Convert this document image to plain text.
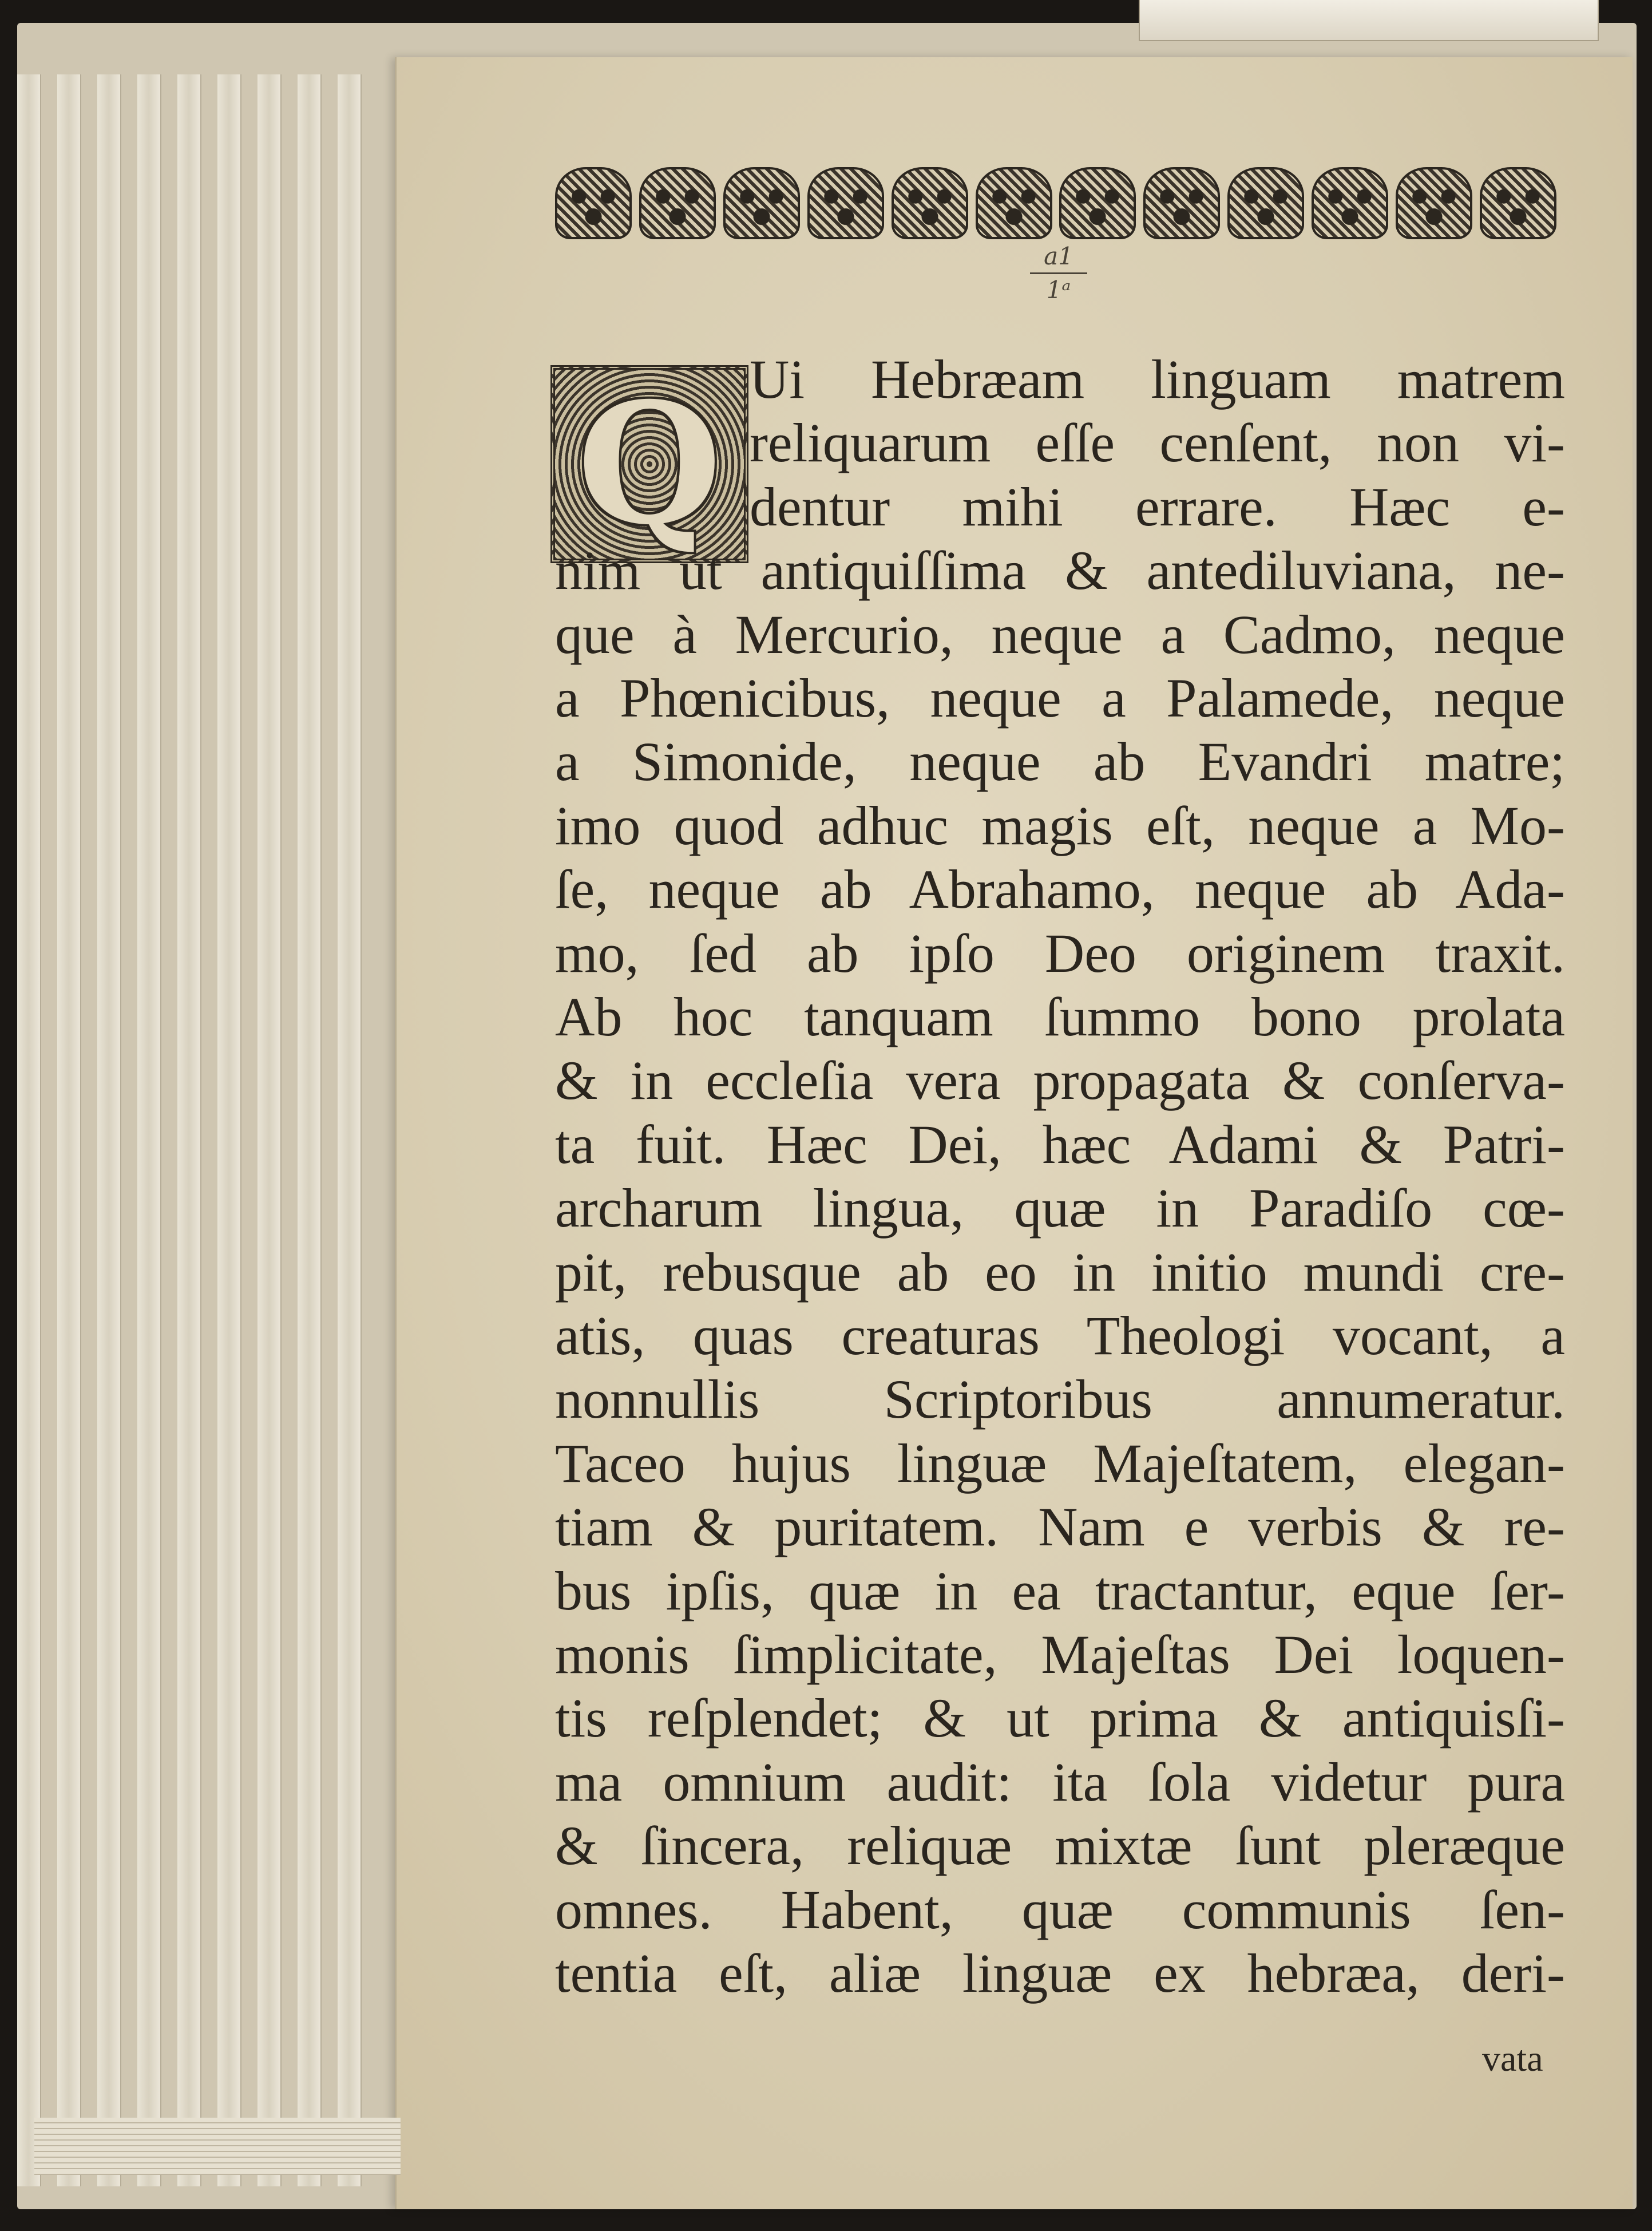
a1
1ᵃ
Q Ui Hebræam linguam matrem
reliquarum eſſe cenſent, non vi-
dentur mihi errare. Hæc e-
nim ut antiquiſſima & antediluviana, ne-
que à Mercurio, neque a Cadmo, neque
a Phœnicibus, neque a Palamede, neque
a Simonide, neque ab Evandri matre;
imo quod adhuc magis eſt, neque a Mo-
ſe, neque ab Abrahamo, neque ab Ada-
mo, ſed ab ipſo Deo originem traxit.
Ab hoc tanquam ſummo bono prolata
& in eccleſia vera propagata & conſerva-
ta fuit. Hæc Dei, hæc Adami & Patri-
archarum lingua, quæ in Paradiſo cœ-
pit, rebusque ab eo in initio mundi cre-
atis, quas creaturas Theologi vocant, a
nonnullis Scriptoribus annumeratur.
Taceo hujus linguæ Majeſtatem, elegan-
tiam & puritatem. Nam e verbis & re-
bus ipſis, quæ in ea tractantur, eque ſer-
monis ſimplicitate, Majeſtas Dei loquen-
tis reſplendet; & ut prima & antiquisſi-
ma omnium audit: ita ſola videtur pura
& ſincera, reliquæ mixtæ ſunt pleræque
omnes. Habent, quæ communis ſen-
tentia eſt, aliæ linguæ ex hebræa, deri-
vata
